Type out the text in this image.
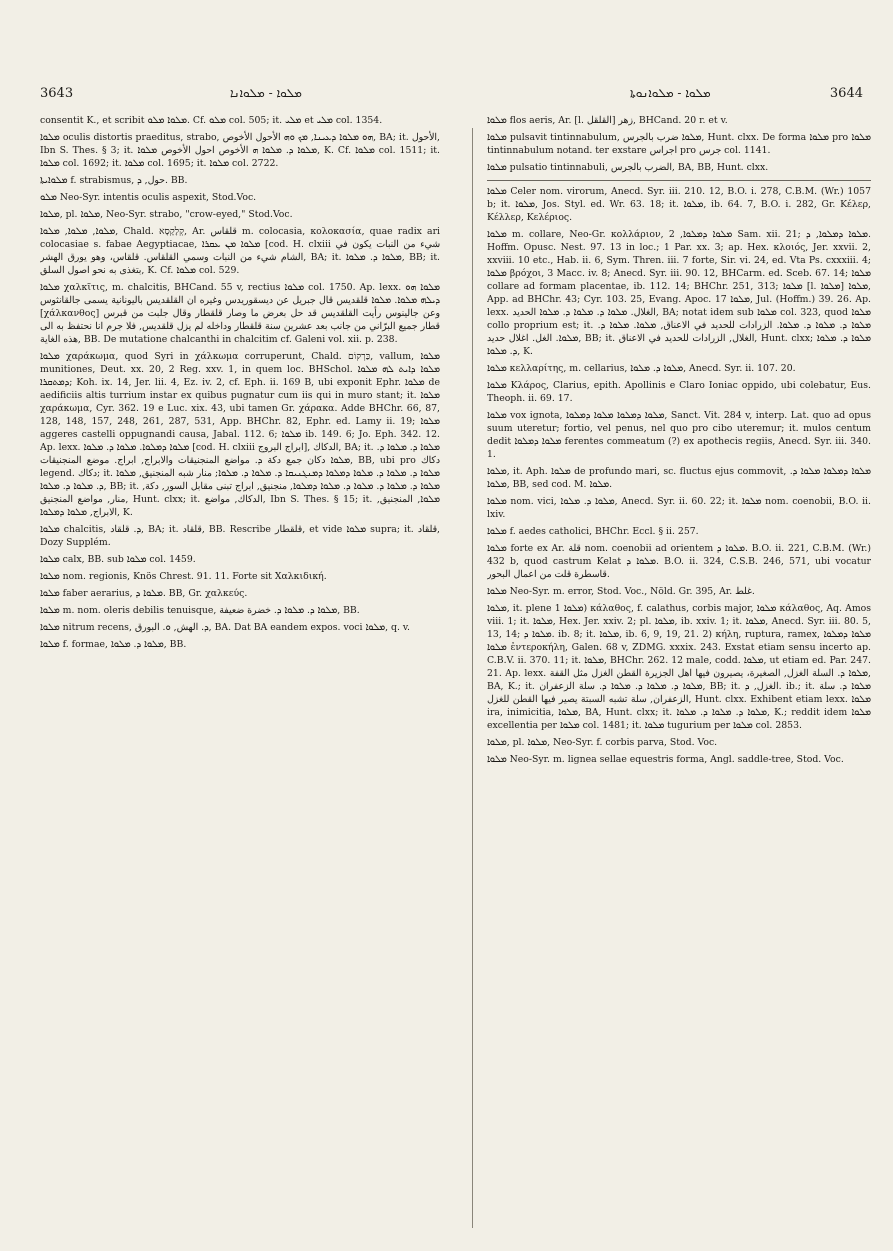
3643	ܡܠܘܐ - ܡܠܘܐܢܐ	ܡܠܘܐ - ܡܠܘܐܢܘܬܐ	3644

consentit K., et scribit ܡܠܘܐ ܡܠܘ. Cf. ܡܠܘ col. 505; it. ܡܠܝ et ܡܠܝ col. 1354.

ܡܠܘܐ oculis distortis praeditus, strabo, ܗܘ ܡܠܘܐ ܕܥܝܢܐ, ܡܟ ܘܗ الأحول الأخوص, BA; it. الأحول, Ibn S. Thes. § 3; it. ܡܠܘܐ ܕ. ܡܠܘܐ ܗ الأخوص احول الأخوص ܡܠܘܐ, K. Cf. ܡܠܘܐ col. 1511; it. ܡܠܘܐ col. 1692; it. ܡܠܘܐ col. 1695; it. ܡܠܘܐ col. 2722.

ܡܠܘܐܝܬܐ f. strabismus, حول, ܕ. BB.

ܡܠܘ Neo-Syr. intentis oculis aspexit, Stod.Voc.

ܡܠܘܐ, pl. ܡܠܘܐ, Neo-Syr. strabo, "crow-eyed," Stod.Voc.

ܡܠܘܐ, ܡܠܘܐ, ܡܠܘܐ, Chald. קְלָקָסָא, Ar. قلقاس m. colocasia, κολοκασία, quae radix ari colocasiae s. fabae Aegyptiacae, ܡܠܘܐ ܡܢ ܥܩܪܐ [cod. H. clxiii شيء من النبات يكون في الشام شيء من النبات وسمي القلقاس. قلقاس، وهو يورق الهشر, BA; it. ܡܠܘܐ ܕ. ܡܠܘܐ, BB; it. بتغذى به نحو اصول السلق, K. Cf. ܡܠܘܐ col. 529.

ܡܠܘܐ χαλκῖτις, m. chalcitis, BHCand. 55 v, rectius ܡܠܘܐ col. 1750. Ap. lexx. ܡܠܘܐ ܗܘ ܕܝܠܗ ܡܠܘܐ. ܡܠܘܐ قلقديس قال جبريل عن ديسقوريدس وغيره ان القلقديس باليونانية يسمى جالقانثوس [χάλκανθος] وعن جالينوس رأيت القلقديس قد حل بعرض ما وصار قلقطار وقال جلبت من قبرس قطار جميع البرّاني من جانب بعد عشرين سنة قلقطار وداخله لم يزل قلقديس, فلا جرم انا نحتفظ به الى هذه الغاية, BB. De mutatione chalcanthi in chalcitim cf. Galeni vol. xii. p. 238.

ܡܠܘܐ χαράκωμα, quod Syri in χάλκωμα corruperunt, Chald. כַּרְקוֹם, vallum, ܡܠܘܐ munitiones, Deut. xx. 20, 2 Reg. xxv. 1, in quem loc. BHSchol. ܡܠܘܐ ܕܐܝܬ ܠܗ ܡܠܘܐ ܕܡܬܩܪܐ; Koh. ix. 14, Jer. lii. 4, Ez. iv. 2, cf. Eph. ii. 169 B, ubi exponit Ephr. ܡܠܘܐ de aedificiis altis turrium instar ex quibus pugnatur cum iis qui in muro stant; it. ܡܠܘܐ χαράκωμα, Cyr. 362. 19 e Luc. xix. 43, ubi tamen Gr. χάρακα. Adde BHChr. 66, 87, 128, 148, 157, 248, 261, 287, 531, App. BHChr. 82, Ephr. ed. Lamy ii. 19; ܡܠܘܐ aggeres castelli oppugnandi causa, Jabal. 112. 6; ܡܠܘܐ ib. 149. 6; Jo. Eph. 342. 12. Ap. lexx. ܡܠܘܐ ܕܡܠܘܐ. ܡܠܘܐ ܕ. ܡܠܘܐ [cod. H. clxiii ابراج البروج], الدكاك, BA; it. ܡܠܘܐ ܕ. ܡܠܘܐ ܕ. ܡܠܘܐ دكان جمع دكة ܕ. مواضع المنجنيقات والابراج, ابراج. موضع المنجنيقات, BB, ubi pro دكاك legend. دكاك; it. ܡܠܘܐ ܕ. ܡܠܘܐ ܕ. ܡܠܘܐ ܕܡܠܘܐ ܕܡܢܓܢܝܩܐ ܕ. ܡܠܘܐ ܕ. ܡܠܘܐ; منار شبه المنجنيق, ܡܠܘܐ ܕ. ܡܠܘܐ ܕ. ܡܠܘܐ, BB; it. ܡܠܘܐ ܕ. ܡܠܘܐ ܕ. ܡܠܘܐ ܕ. ܡܠܘܐ ܕܡܠܘܐ, منجنيق, ابراج تبنى مقابل السور, دكة, منار, مواضع المنجنيق, Hunt. clxx; it. الدكاك, مواضع, Ibn S. Thes. § 15; it. ܡܠܘܐ, المنجنيق, الابراج, ܡܠܘܐ ܕܡܠܘܐ, K.

ܡܠܘܐ chalcitis, ܕ. قلقاد, BA; it. قلقاد, BB. Rescribe قلقطار, et vide ܡܠܘܐ supra; it. قلقاد, Dozy Supplém.

ܡܠܘܐ calx, BB. sub ܡܠܘܐ col. 1459.

ܡܠܘܐ nom. regionis, Knös Chrest. 91. 11. Forte sit Χαλκιδική.

ܡܠܘܐ faber aerarius, ܡܠܘܐ ܕ. BB, Gr. χαλκεύς.

ܡܠܘܐ m. nom. oleris debilis tenuisque, ܡܠܘܐ ܕ. ܡܠܘܐ ܕ. خضرة ضعيفة, BB.

ܡܠܘܐ nitrum recens, ܕ. الهش, ܘ. البورق, BA. Dat BA eandem expos. voci ܡܠܘܐ, q. v.

ܡܠܘܐ f. formae, ܡܠܘܐ ܕ. ܡܠܘܐ, BB.

ܡܠܘܐ flos aeris, Ar. [l. القلقل] زهر, BHCand. 20 r. et v.

ܡܠܘܐ pulsavit tintinnabulum, ܡܠܘܐ ضرب بالجرس, Hunt. clxx. De forma ܡܠܘܐ pro ܡܠܘܐ tintinnabulum notand. ter exstare اجراس pro جرس col. 1141.

ܡܠܘܐ pulsatio tintinnabuli, الضرب بالجرس, BA, BB, Hunt. clxx.

ܡܠܘܐ Celer nom. virorum, Anecd. Syr. iii. 210. 12, B.O. i. 278, C.B.M. (Wr.) 1057 b; it. ܡܠܘܐ, Jos. Styl. ed. Wr. 63. 18; it. ܡܠܘܐ, ib. 64. 7, B.O. i. 282, Gr. Κέλερ, Κέλλερ, Κελέριος.

ܡܠܘܐ m. collare, Neo-Gr. κολλάριον, ܡܠܘܐ ܕܡܠܘܐ, 2 Sam. xii. 21; ܡܠܘܐ ܕܡܠܘܐ, ܕ. Hoffm. Opusc. Nest. 97. 13 in loc.; 1 Par. xx. 3; ap. Hex. κλοιός, Jer. xxvii. 2, xxviii. 10 etc., Hab. ii. 6, Sym. Thren. iii. 7 forte, Sir. vi. 24, ed. Vta Ps. cxxxiii. 4; ܡܠܘܐ βρόχοι, 3 Macc. iv. 8; Anecd. Syr. iii. 90. 12, BHCarm. ed. Sceb. 67. 14; ܡܠܘܐ collare ad formam placentae, ib. 112. 14; BHChr. 251, 313; ܡܠܘܐ [l. ܡܠܘܐ] ܡܠܘܐ, App. ad BHChr. 43; Cyr. 103. 25, Evang. Apoc. ܡܠܘܐ 17, Jul. (Hoffm.) 39. 26. Ap. lexx. الغلال. ܡܠܘܐ ܕ. ܡܠܘܐ ܕ. ܡܠܘܐ الحديد, BA; notat idem sub ܡܠܘܐ col. 323, quod ܡܠܘܐ collo proprium est; it. ܡܠܘܐ ܕ. ܡܠܘܐ ܕ. ܡܠܘܐ. الزرادات للحديد في الاعناق, ܡܠܘܐ. ܡܠܘܐ ܕ. ܡܠܘܐ. الغل. اغلال حديد, BB; it. الغلال, الزرادات للحديد في الاعناق, Hunt. clxx; ܡܠܘܐ ܕ. ܡܠܘܐ ܕ. ܡܠܘܐ, K.

ܡܠܘܐ κελλαρίτης, m. cellarius, ܡܠܘܐ ܕ. ܡܠܘܐ, Anecd. Syr. ii. 107. 20.

ܡܠܘܐ Κλάρος, Clarius, epith. Apollinis e Claro Ioniac oppido, ubi colebatur, Eus. Theoph. ii. 69. 17.

ܡܠܘܐ vox ignota, ܡܠܘܐ ܕܡܠܘܐ ܡܠܘܐ ܕܡܠܘܐ, Sanct. Vit. 284 v, interp. Lat. quo ad opus suum uteretur; fortio, vel penus, nel quo pro cibo uteremur; it. mulos centum dedit ܡܠܘܐ ܕܡܠܘܐ ferentes commeatum (?) ex apothecis regiis, Anecd. Syr. iii. 340. 1.

ܡܠܘܐ, it. Aph. ܡܠܘܐ de profundo mari, sc. fluctus ejus commovit, ܡܠܘܐ ܕܡܠܘܐ ܡܠܘܐ ܕ. ܡܠܘܐ, BB, sed cod. M. ܡܠܘܐ.

ܡܠܘܐ nom. vici, ܡܠܘܐ ܕ. ܡܠܘܐ, Anecd. Syr. ii. 60. 22; it. ܡܠܘܐ nom. coenobii, B.O. ii. lxiv.

ܡܠܘܐ f. aedes catholici, BHChr. Eccl. § ii. 257.

ܡܠܘܐ forte ex Ar. قلة nom. coenobii ad orientem ܡܠܘܐ ܕ. B.O. ii. 221, C.B.M. (Wr.) 432 b, quod castrum Kelat ܡܠܘܐ ܕ. B.O. ii. 324, C.S.B. 246, 571, ubi vocatur قاسطرة قلت من اعمال البحور.

ܡܠܘܐ Neo-Syr. m. error, Stod. Voc., Nöld. Gr. 395, Ar. غلط.

ܡܠܘܐ, it. plene ܡܠܘܐ 1) κάλαθος, f. calathus, corbis major, ܡܠܘܐ κάλαθος, Aq. Amos viii. 1; it. ܡܠܘܐ, Hex. Jer. xxiv. 2; pl. ܡܠܘܐ, ib. xxiv. 1; it. ܡܠܘܐ, Anecd. Syr. iii. 80. 5, 13, 14; ܡܠܘܐ ܕ. ib. 8; it. ܡܠܘܐ, ib. 6, 9, 19, 21. 2) κήλη, ruptura, ramex, ܡܠܘܐ ܕܡܠܘܐ ܡܠܘܐ ἐντεροκήλη, Galen. 68 v, ZDMG. xxxix. 243. Exstat etiam sensu incerto ap. C.B.V. ii. 370. 11; it. ܡܠܘܐ, BHChr. 262. 12 male, codd. ܡܠܘܐ, ut etiam ed. Par. 247. 21. Ap. lexx. ܡܠܘܐ ܕ. السلة الغزل, الصغيرة، يصيرون فيها اهل الجزيرة القطن الغزل مثل القفة, BA, K.; it. ܡܠܘܐ ܕ. ܡܠܘܐ ܕ. ܡܠܘܐ ܕ. سلة الزعفران, BB; it. الغزل, ܕ. ib.; it. ܡܠܘܐ ܕ. سلة الزعفران, سلة تشبه السبتة يصير فيها القطن للغزل, Hunt. clxx. Exhibent etiam lexx. ܡܠܘܐ ira, inimicitia, ܡܠܘܐ, BA, Hunt. clxx; it. ܡܠܘܐ ܕ. ܡܠܘܐ ܕ. ܡܠܘܐ, K.; reddit idem ܡܠܘܐ excellentia per ܡܠܘܐ col. 1481; it. ܡܠܘܐ tugurium per ܡܠܘܐ col. 2853.

ܡܠܘܐ, pl. ܡܠܘܐ, Neo-Syr. f. corbis parva, Stod. Voc.

ܡܠܘܐ Neo-Syr. m. lignea sellae equestris forma, Angl. saddle-tree, Stod. Voc.
